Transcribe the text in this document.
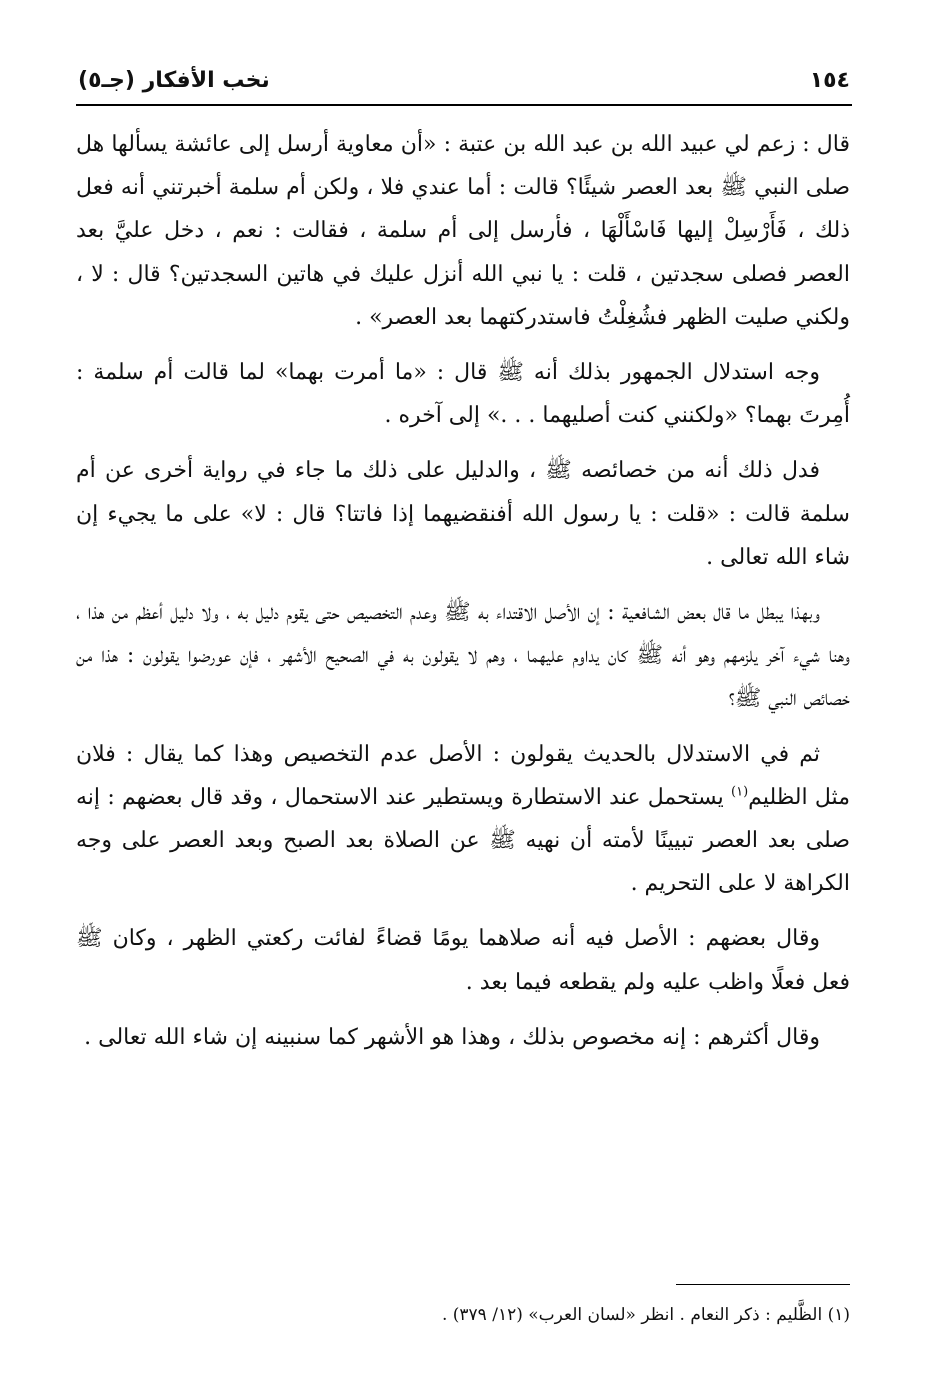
١٥٤
نخب الأفكار (جـ٥)

قال : زعم لي عبيد الله بن عبد الله بن عتبة : «أن معاوية أرسل إلى عائشة يسألها هل صلى النبي ﷺ بعد العصر شيئًا؟ قالت : أما عندي فلا ، ولكن أم سلمة أخبرتني أنه فعل ذلك ، فَأَرْسِلْ إليها فَاسْأَلْهَا ، فأرسل إلى أم سلمة ، فقالت : نعم ، دخل عليَّ بعد العصر فصلى سجدتين ، قلت : يا نبي الله أنزل عليك في هاتين السجدتين؟ قال : لا ، ولكني صليت الظهر فشُغِلْتُ فاستدركتهما بعد العصر» .

وجه استدلال الجمهور بذلك أنه ﷺ قال : «ما أمرت بهما» لما قالت أم سلمة : أُمِرتَ بهما؟ «ولكنني كنت أصليهما . . .» إلى آخره .

فدل ذلك أنه من خصائصه ﷺ ، والدليل على ذلك ما جاء في رواية أخرى عن أم سلمة قالت : «قلت : يا رسول الله أفنقضيهما إذا فاتتا؟ قال : لا» على ما يجيء إن شاء الله تعالى .

وبهذا يبطل ما قال بعض الشافعية : إن الأصل الاقتداء به ﷺ وعدم التخصيص حتى يقوم دليل به ، ولا دليل أعظم من هذا ، وهنا شيء آخر يلزمهم وهو أنه ﷺ كان يداوم عليهما ، وهم لا يقولون به في الصحيح الأشهر ، فإن عورضوا يقولون : هذا من خصائص النبي ﷺ؟

ثم في الاستدلال بالحديث يقولون : الأصل عدم التخصيص وهذا كما يقال : فلان مثل الظليم$^{(١)}$ يستحمل عند الاستطارة ويستطير عند الاستحمال ، وقد قال بعضهم : إنه صلى بعد العصر تبيينًا لأمته أن نهيه ﷺ عن الصلاة بعد الصبح وبعد العصر على وجه الكراهة لا على التحريم .

وقال بعضهم : الأصل فيه أنه صلاهما يومًا قضاءً لفائت ركعتي الظهر ، وكان ﷺ فعل فعلًا واظب عليه ولم يقطعه فيما بعد .

وقال أكثرهم : إنه مخصوص بذلك ، وهذا هو الأشهر كما سنبينه إن شاء الله تعالى .

(١) الظَّليم : ذكر النعام . انظر «لسان العرب» (١٢/ ٣٧٩) .
